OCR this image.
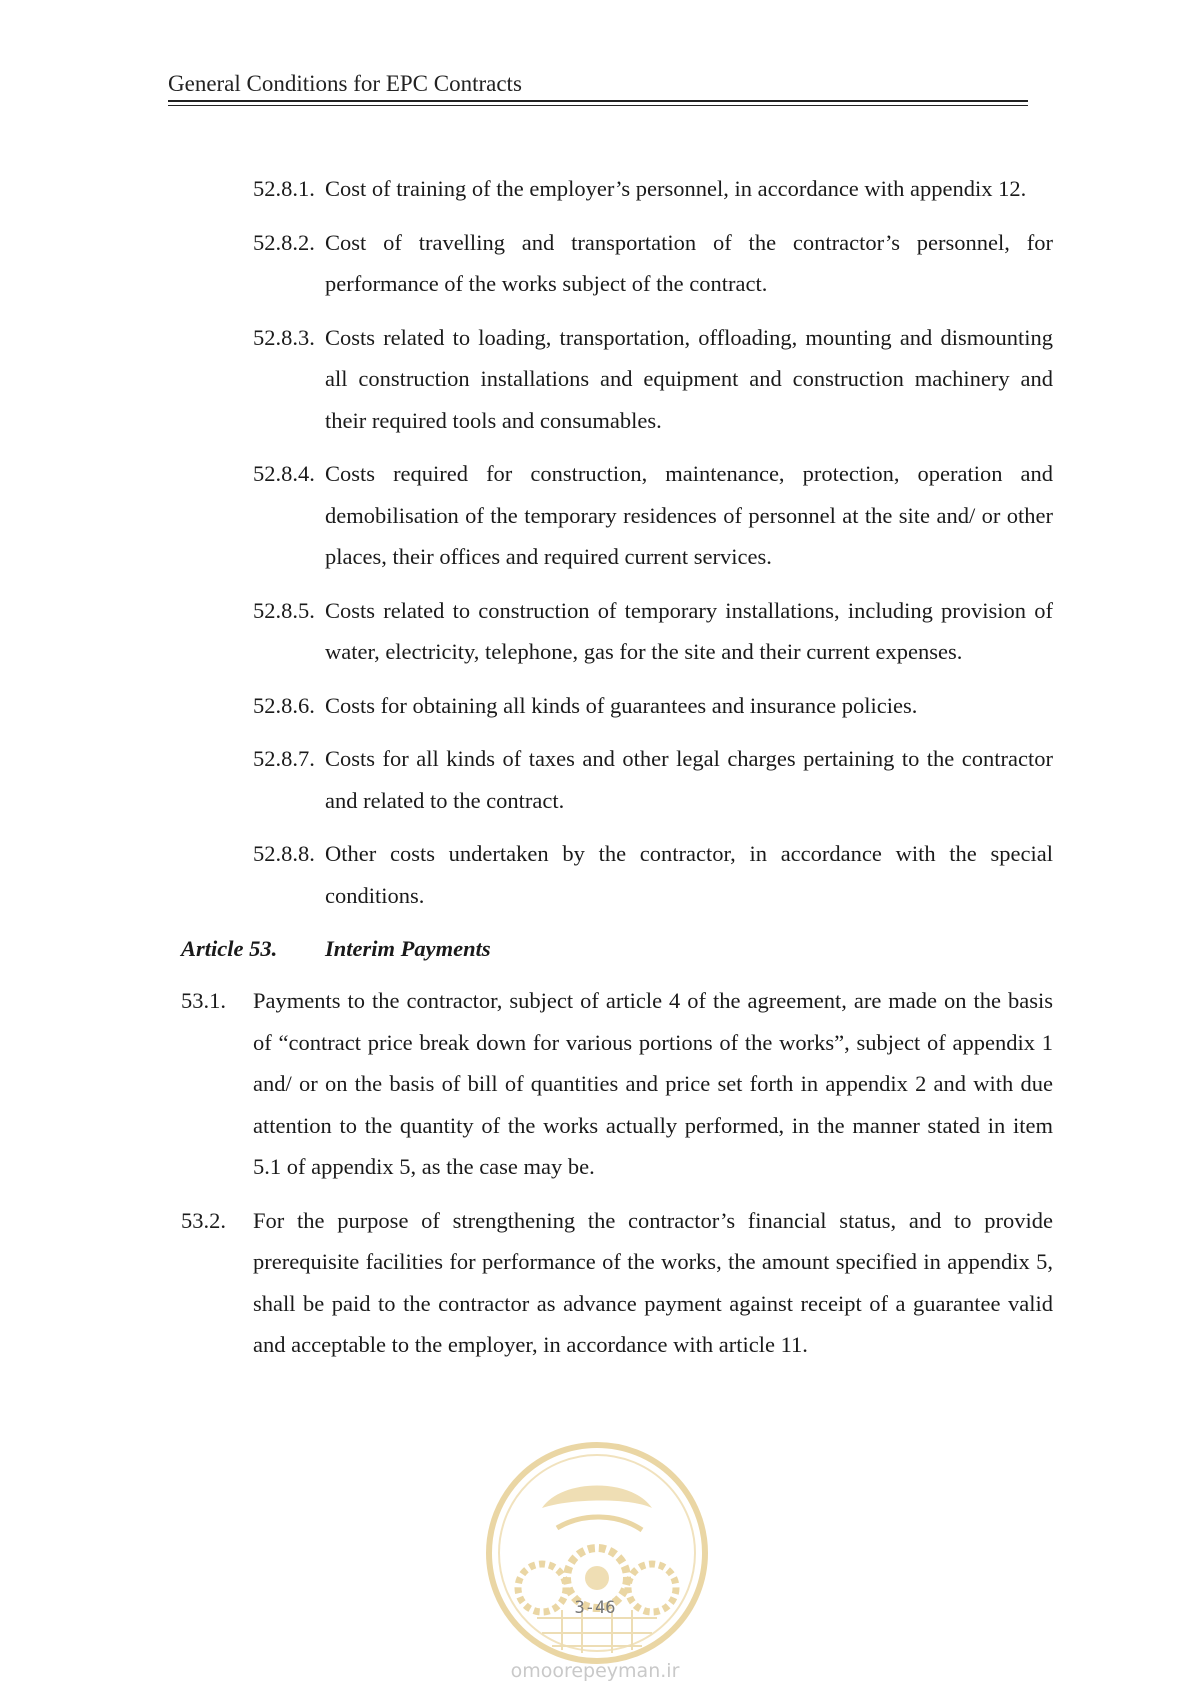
General Conditions for EPC Contracts
52.8.1. Cost of training of the employer’s personnel, in accordance with appendix 12.
52.8.2. Cost of travelling and transportation of the contractor’s personnel, for performance of the works subject of the contract.
52.8.3. Costs related to loading, transportation, offloading, mounting and dismounting all construction installations and equipment and construction machinery and their required tools and consumables.
52.8.4. Costs required for construction, maintenance, protection, operation and demobilisation of the temporary residences of personnel at the site and/ or other places, their offices and required current services.
52.8.5. Costs related to construction of temporary installations, including provision of water, electricity, telephone, gas for the site and their current expenses.
52.8.6. Costs for obtaining all kinds of guarantees and insurance policies.
52.8.7. Costs for all kinds of taxes and other legal charges pertaining to the contractor and related to the contract.
52.8.8. Other costs undertaken by the contractor, in accordance with the special conditions.
Article 53. Interim Payments
53.1. Payments to the contractor, subject of article 4 of the agreement, are made on the basis of “contract price break down for various portions of the works”, subject of appendix 1 and/ or on the basis of bill of quantities and price set forth in appendix 2 and with due attention to the quantity of the works actually performed, in the manner stated in item 5.1 of appendix 5, as the case may be.
53.2. For the purpose of strengthening the contractor’s financial status, and to provide prerequisite facilities for performance of the works, the amount specified in appendix 5, shall be paid to the contractor as advance payment against receipt of a guarantee valid and acceptable to the employer, in accordance with article 11.
3-46
omoorepeyman.ir
